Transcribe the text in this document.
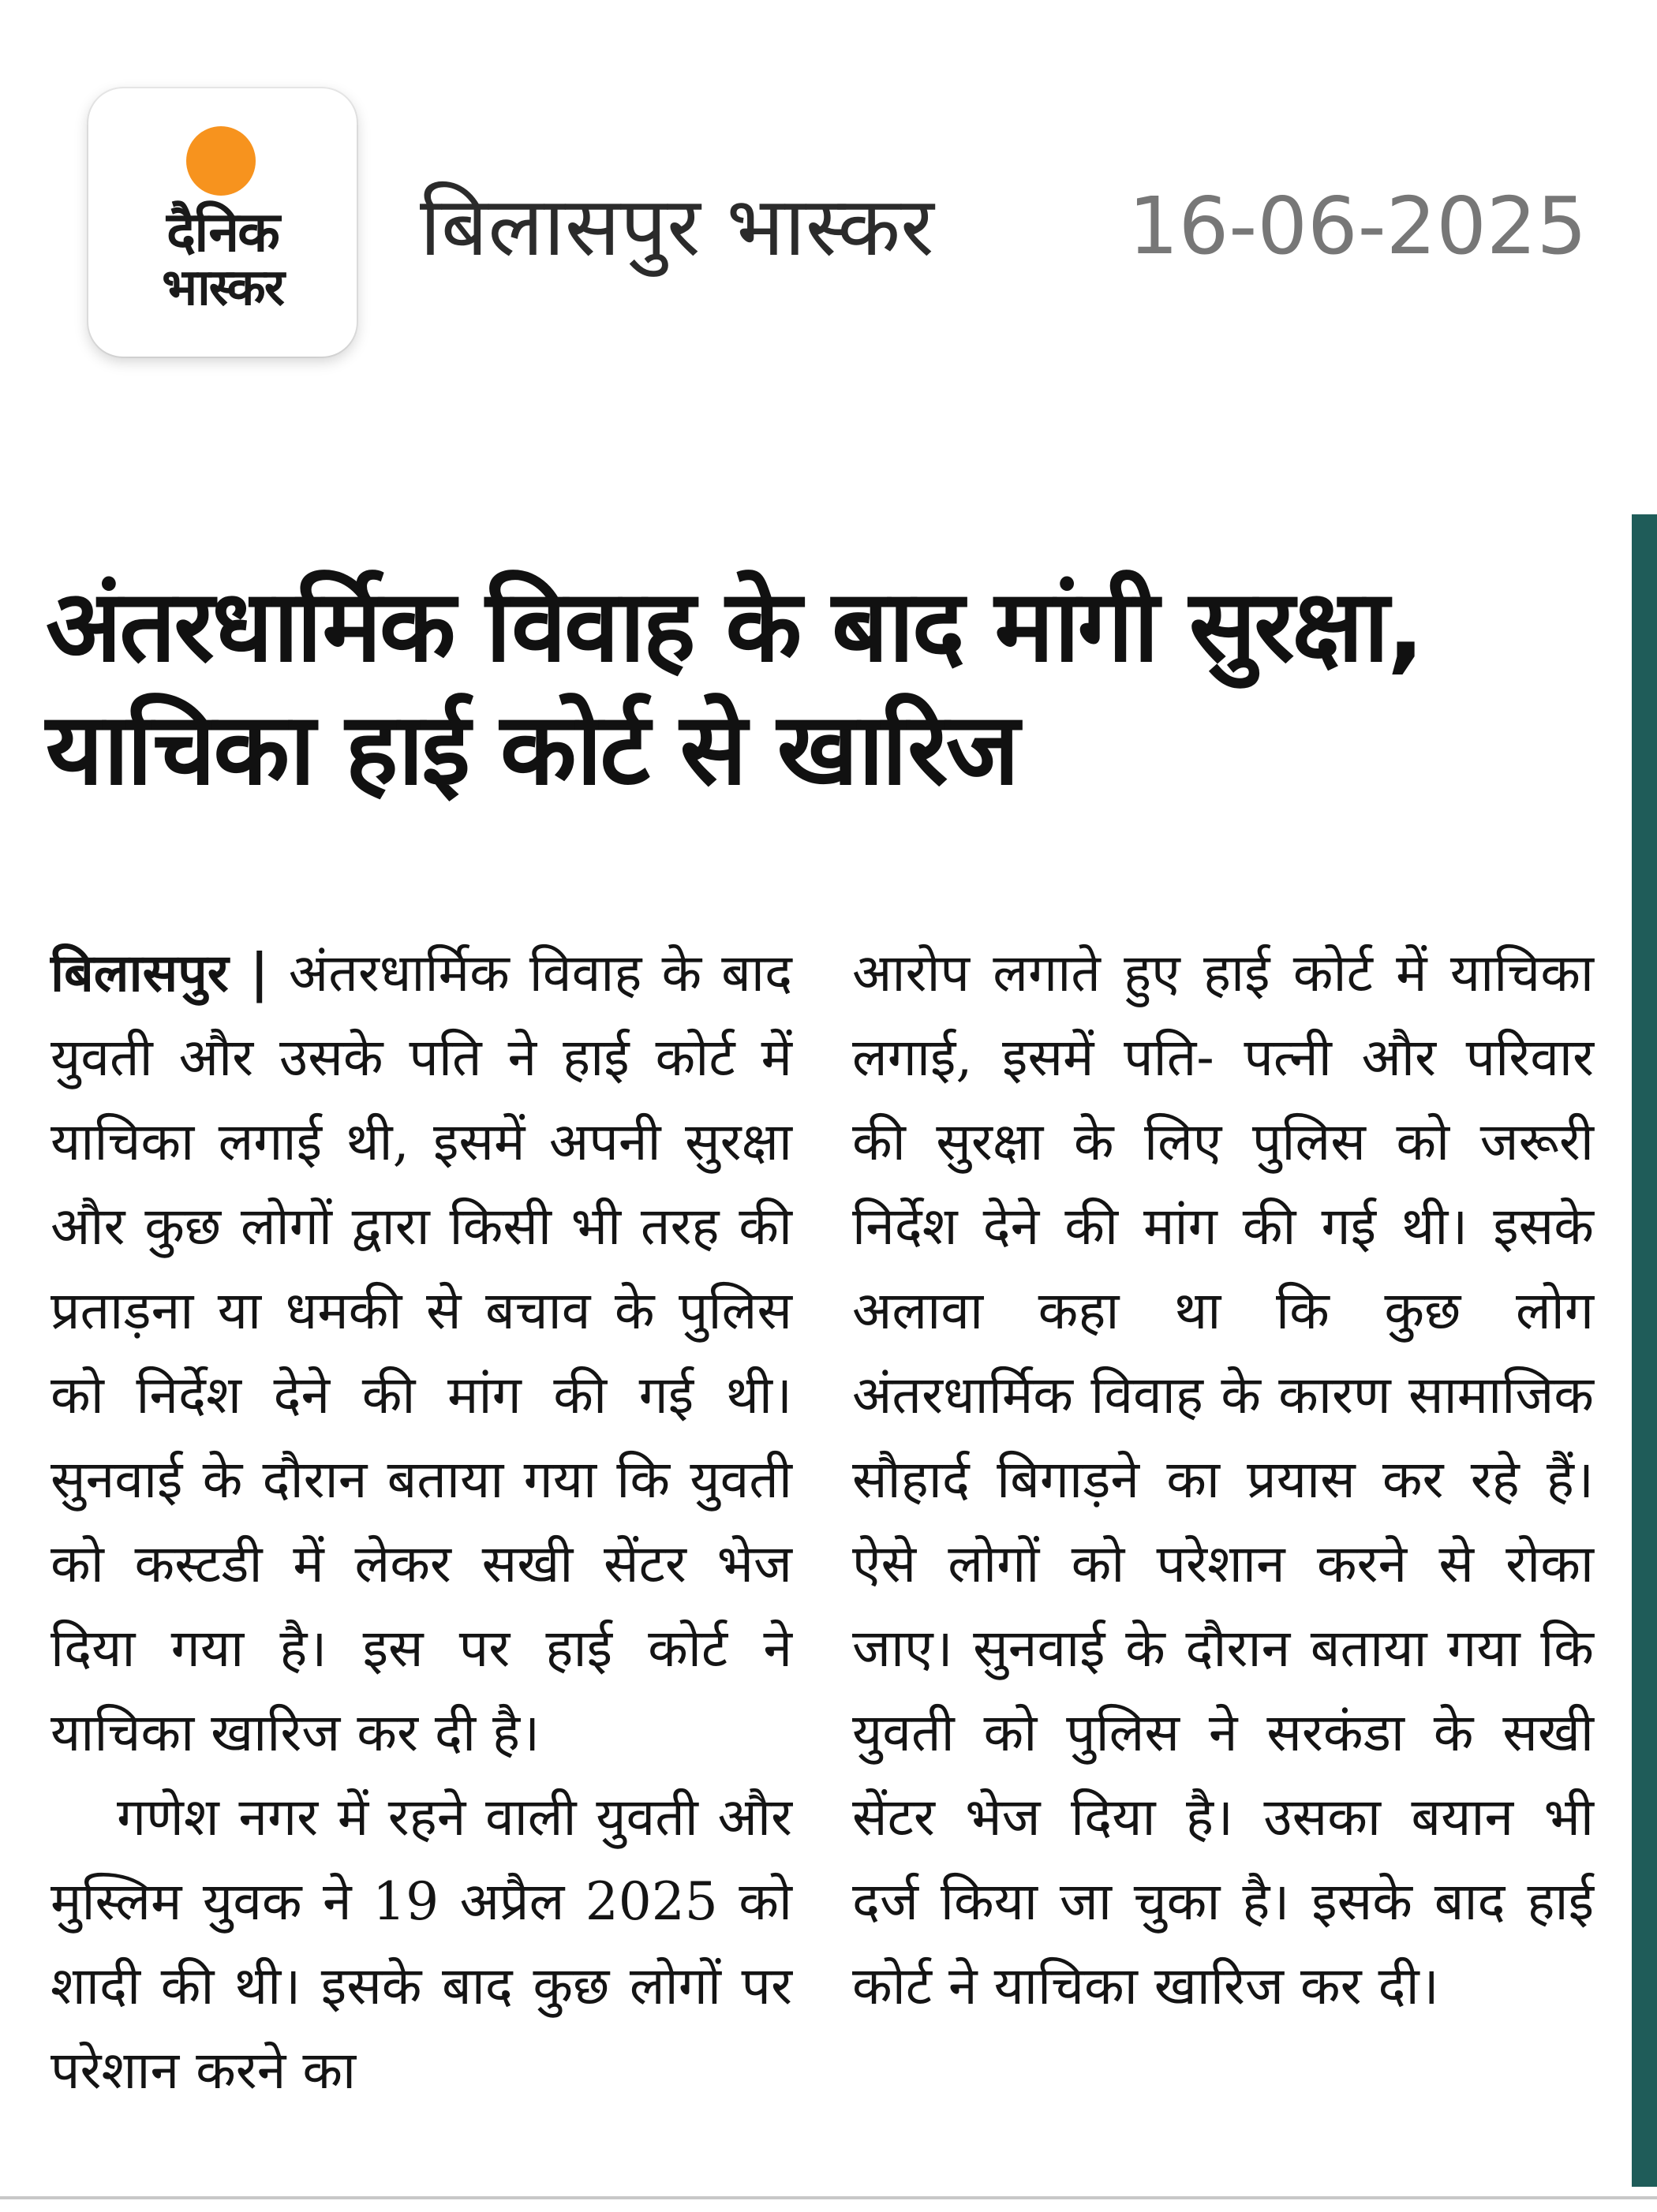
दैनिक
भास्कर
बिलासपुर भास्कर 16-06-2025
अंतरधार्मिक विवाह के बाद मांगी सुरक्षा, याचिका हाई कोर्ट से खारिज

बिलासपुर | अंतरधार्मिक विवाह के बाद युवती और उसके पति ने हाई कोर्ट में याचिका लगाई थी, इसमें अपनी सुरक्षा और कुछ लोगों द्वारा किसी भी तरह की प्रताड़ना या धमकी से बचाव के पुलिस को निर्देश देने की मांग की गई थी। सुनवाई के दौरान बताया गया कि युवती को कस्टडी में लेकर सखी सेंटर भेज दिया गया है। इस पर हाई कोर्ट ने याचिका खारिज कर दी है।

गणेश नगर में रहने वाली युवती और मुस्लिम युवक ने 19 अप्रैल 2025 को शादी की थी। इसके बाद कुछ लोगों पर परेशान करने का

आरोप लगाते हुए हाई कोर्ट में याचिका लगाई, इसमें पति- पत्नी और परिवार की सुरक्षा के लिए पुलिस को जरूरी निर्देश देने की मांग की गई थी। इसके अलावा कहा था कि कुछ लोग अंतरधार्मिक विवाह के कारण सामाजिक सौहार्द बिगाड़ने का प्रयास कर रहे हैं। ऐसे लोगों को परेशान करने से रोका जाए। सुनवाई के दौरान बताया गया कि युवती को पुलिस ने सरकंडा के सखी सेंटर भेज दिया है। उसका बयान भी दर्ज किया जा चुका है। इसके बाद हाई कोर्ट ने याचिका खारिज कर दी।
